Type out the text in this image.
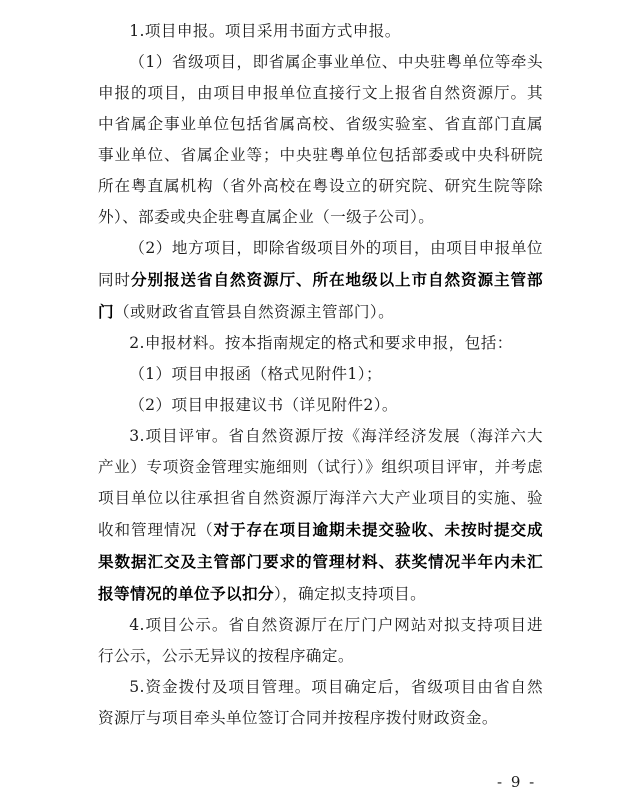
1.项目申报。项目采用书面方式申报。

（1）省级项目，即省属企事业单位、中央驻粤单位等牵头申报的项目，由项目申报单位直接行文上报省自然资源厅。其中省属企事业单位包括省属高校、省级实验室、省直部门直属事业单位、省属企业等；中央驻粤单位包括部委或中央科研院所在粤直属机构（省外高校在粤设立的研究院、研究生院等除外）、部委或央企驻粤直属企业（一级子公司）。

（2）地方项目，即除省级项目外的项目，由项目申报单位同时分别报送省自然资源厅、所在地级以上市自然资源主管部门（或财政省直管县自然资源主管部门）。

2.申报材料。按本指南规定的格式和要求申报，包括：

（1）项目申报函（格式见附件1）；

（2）项目申报建议书（详见附件2）。

3.项目评审。省自然资源厅按《海洋经济发展（海洋六大产业）专项资金管理实施细则（试行）》组织项目评审，并考虑项目单位以往承担省自然资源厅海洋六大产业项目的实施、验收和管理情况（对于存在项目逾期未提交验收、未按时提交成果数据汇交及主管部门要求的管理材料、获奖情况半年内未汇报等情况的单位予以扣分），确定拟支持项目。

4.项目公示。省自然资源厅在厅门户网站对拟支持项目进行公示，公示无异议的按程序确定。

5.资金拨付及项目管理。项目确定后，省级项目由省自然资源厅与项目牵头单位签订合同并按程序拨付财政资金。

- 9 -
